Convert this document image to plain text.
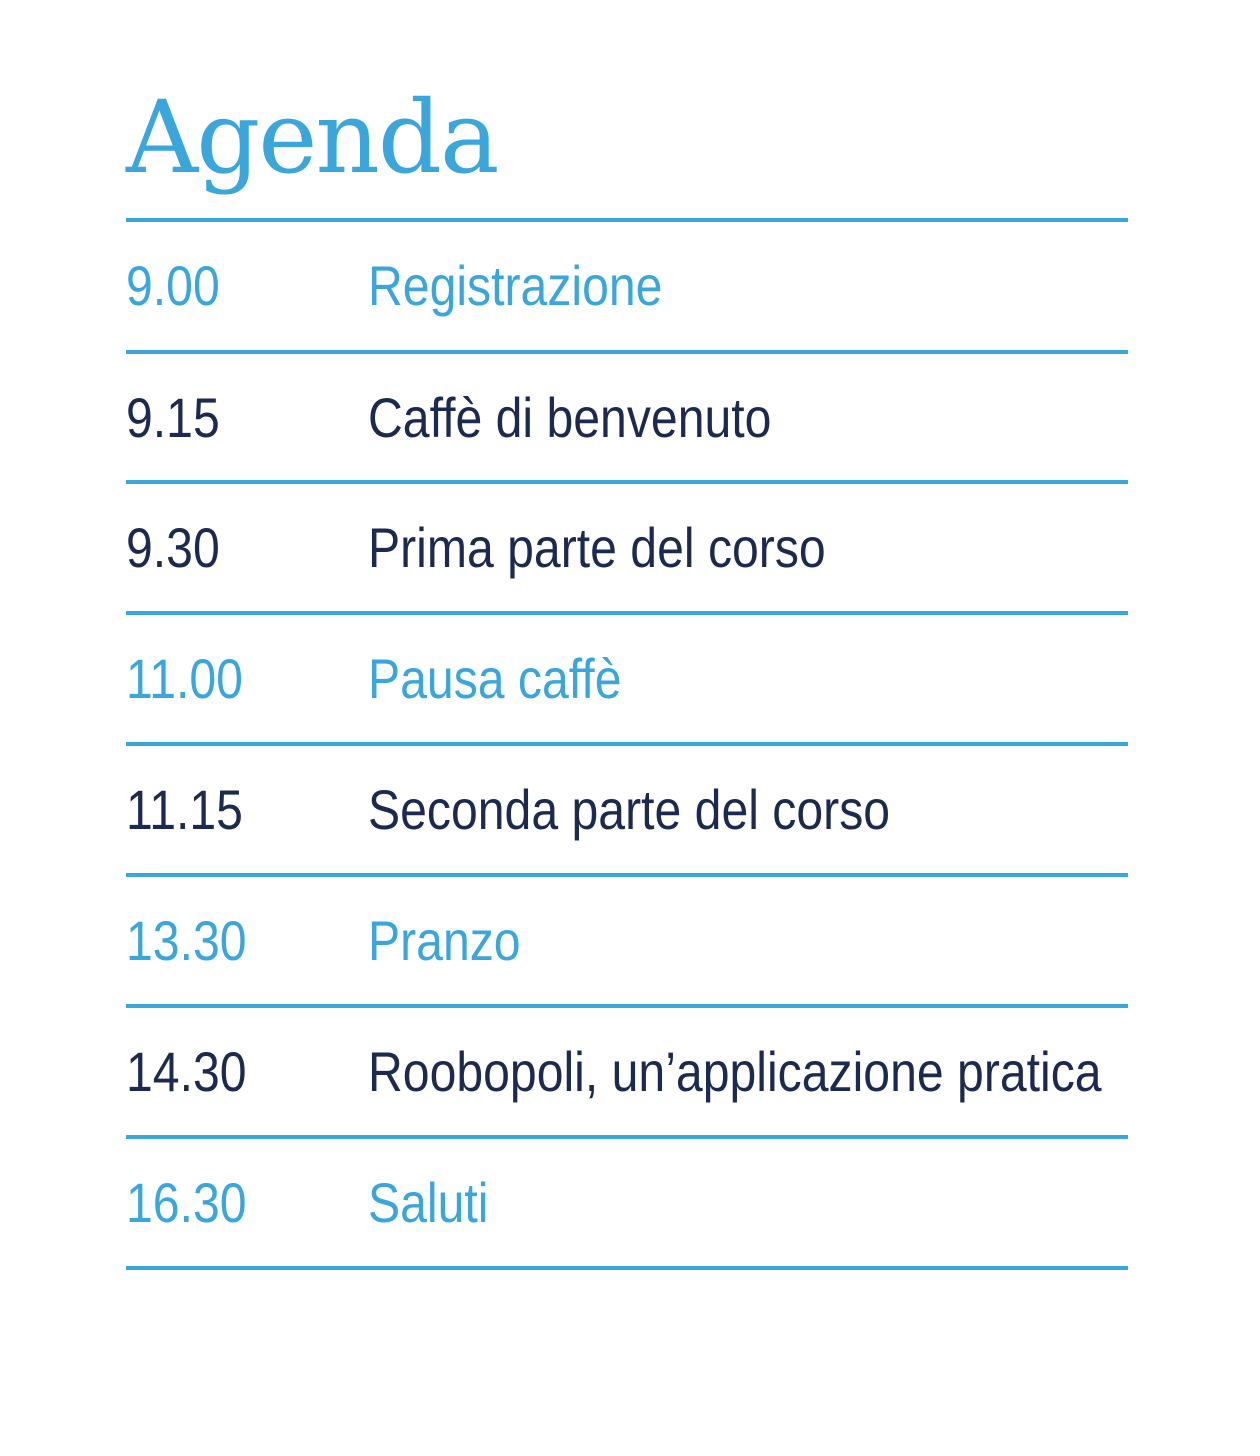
Agenda
9.00	Registrazione
9.15	Caffè di benvenuto
9.30	Prima parte del corso
11.00 Pausa caffè
11.15 Seconda parte del corso
13.30 Pranzo
14.30 Roobopoli, un’applicazione pratica
16.30 Saluti
